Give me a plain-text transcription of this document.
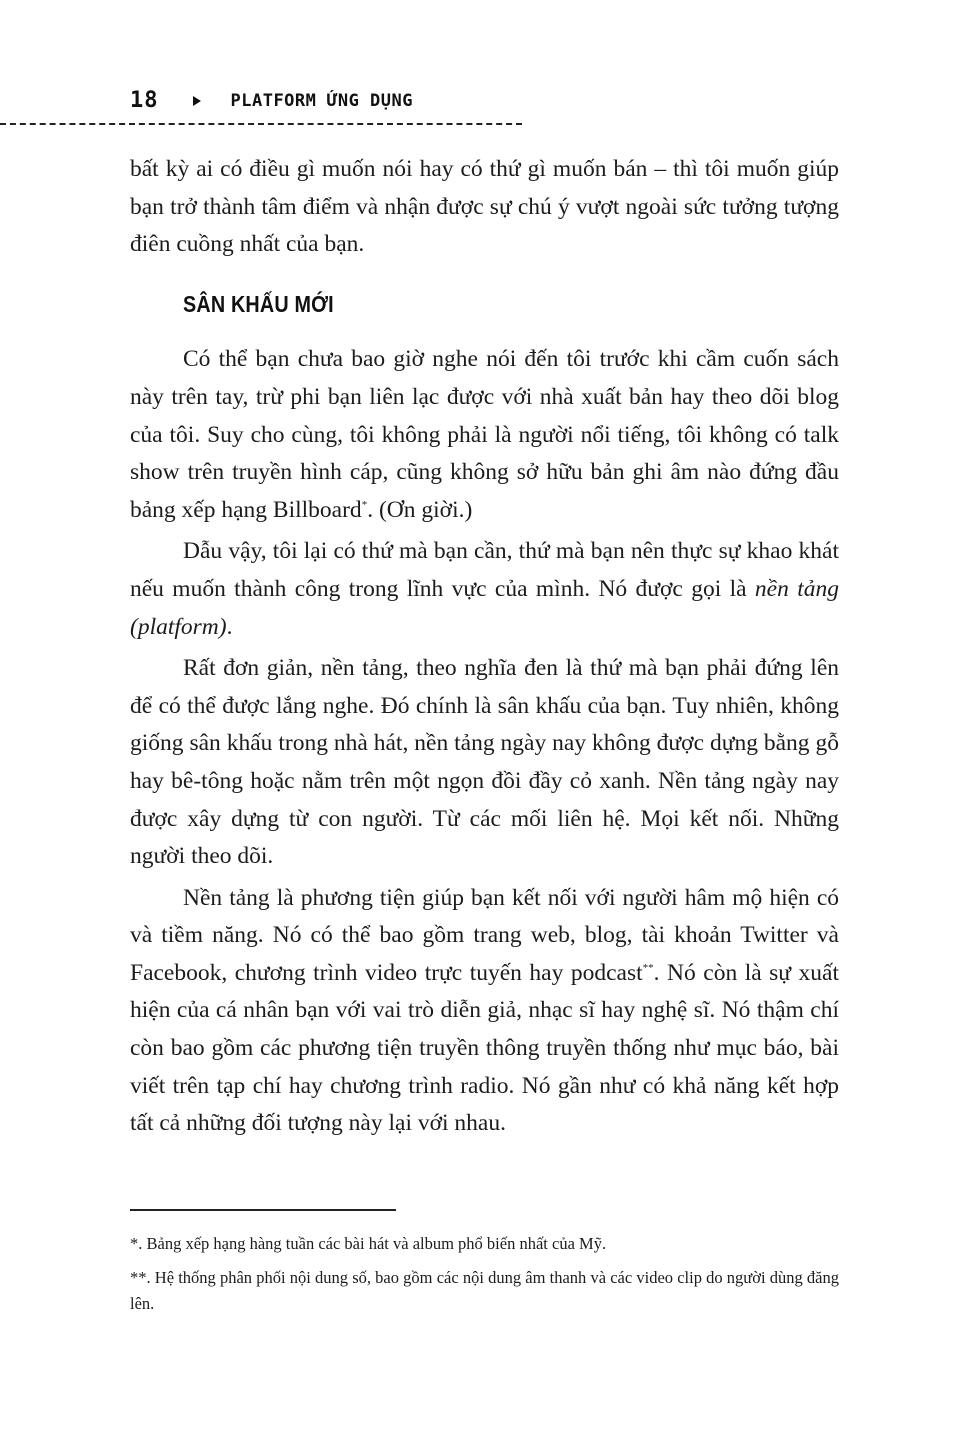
18	PLATFORM ỨNG DỤNG

bất kỳ ai có điều gì muốn nói hay có thứ gì muốn bán – thì tôi muốn giúp bạn trở thành tâm điểm và nhận được sự chú ý vượt ngoài sức tưởng tượng điên cuồng nhất của bạn.

SÂN KHẤU MỚI

Có thể bạn chưa bao giờ nghe nói đến tôi trước khi cầm cuốn sách này trên tay, trừ phi bạn liên lạc được với nhà xuất bản hay theo dõi blog của tôi. Suy cho cùng, tôi không phải là người nổi tiếng, tôi không có talk show trên truyền hình cáp, cũng không sở hữu bản ghi âm nào đứng đầu bảng xếp hạng Billboard*. (Ơn giời.)

Dẫu vậy, tôi lại có thứ mà bạn cần, thứ mà bạn nên thực sự khao khát nếu muốn thành công trong lĩnh vực của mình. Nó được gọi là nền tảng (platform).

Rất đơn giản, nền tảng, theo nghĩa đen là thứ mà bạn phải đứng lên để có thể được lắng nghe. Đó chính là sân khấu của bạn. Tuy nhiên, không giống sân khấu trong nhà hát, nền tảng ngày nay không được dựng bằng gỗ hay bê-tông hoặc nằm trên một ngọn đồi đầy cỏ xanh. Nền tảng ngày nay được xây dựng từ con người. Từ các mối liên hệ. Mọi kết nối. Những người theo dõi.

Nền tảng là phương tiện giúp bạn kết nối với người hâm mộ hiện có và tiềm năng. Nó có thể bao gồm trang web, blog, tài khoản Twitter và Facebook, chương trình video trực tuyến hay podcast**. Nó còn là sự xuất hiện của cá nhân bạn với vai trò diễn giả, nhạc sĩ hay nghệ sĩ. Nó thậm chí còn bao gồm các phương tiện truyền thông truyền thống như mục báo, bài viết trên tạp chí hay chương trình radio. Nó gần như có khả năng kết hợp tất cả những đối tượng này lại với nhau.

*. Bảng xếp hạng hàng tuần các bài hát và album phổ biến nhất của Mỹ.

**. Hệ thống phân phối nội dung số, bao gồm các nội dung âm thanh và các video clip do người dùng đăng lên.
